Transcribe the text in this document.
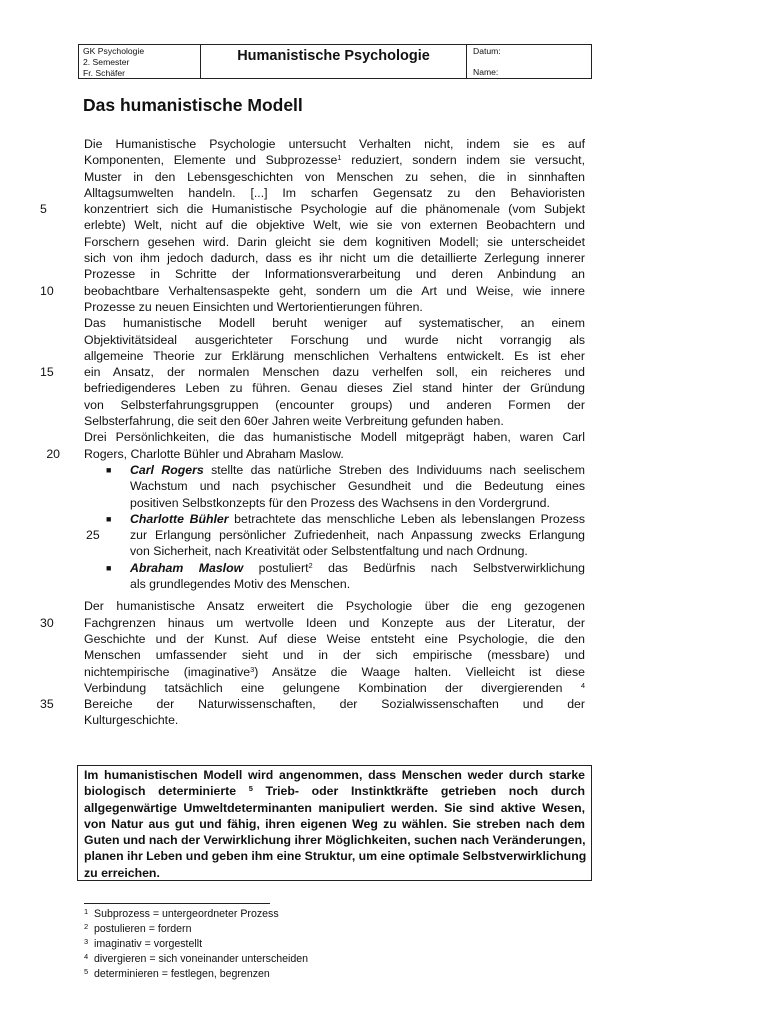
GK Psychologie
2. Semester
Fr. Schäfer
Humanistische Psychologie	Datum:
Name:
Das humanistische Modell
Die Humanistische Psychologie untersucht Verhalten nicht, indem sie es auf
Komponenten, Elemente und Subprozesse$^1$ reduziert, sondern indem sie versucht,
Muster in den Lebensgeschichten von Menschen zu sehen, die in sinnhaften
Alltagsumwelten handeln. [...] Im scharfen Gegensatz zu den Behavioristen
5	konzentriert sich die Humanistische Psychologie auf die phänomenale (vom Subjekt
erlebte) Welt, nicht auf die objektive Welt, wie sie von externen Beobachtern und
Forschern gesehen wird. Darin gleicht sie dem kognitiven Modell; sie unterscheidet
sich von ihm jedoch dadurch, dass es ihr nicht um die detaillierte Zerlegung innerer
Prozesse in Schritte der Informationsverarbeitung und deren Anbindung an
10	beobachtbare Verhaltensaspekte geht, sondern um die Art und Weise, wie innere
Prozesse zu neuen Einsichten und Wertorientierungen führen.
Das humanistische Modell beruht weniger auf systematischer, an einem
Objektivitätsideal ausgerichteter Forschung und wurde nicht vorrangig als
allgemeine Theorie zur Erklärung menschlichen Verhaltens entwickelt. Es ist eher
15	ein Ansatz, der normalen Menschen dazu verhelfen soll, ein reicheres und
befriedigenderes Leben zu führen. Genau dieses Ziel stand hinter der Gründung
von Selbsterfahrungsgruppen (encounter groups) und anderen Formen der
Selbsterfahrung, die seit den 60er Jahren weite Verbreitung gefunden haben.
Drei Persönlichkeiten, die das humanistische Modell mitgeprägt haben, waren Carl
20 Rogers, Charlotte Bühler und Abraham Maslow.
■ Carl Rogers stellte das natürliche Streben des Individuums nach seelischem
Wachstum und nach psychischer Gesundheit und die Bedeutung eines
positiven Selbstkonzepts für den Prozess des Wachsens in den Vordergrund.
■ Charlotte Bühler betrachtete das menschliche Leben als lebenslangen Prozess
25	zur Erlangung persönlicher Zufriedenheit, nach Anpassung zwecks Erlangung
von Sicherheit, nach Kreativität oder Selbstentfaltung und nach Ordnung.
■ Abraham Maslow postuliert$^2$ das Bedürfnis nach Selbstverwirklichung
als grundlegendes Motiv des Menschen.
Der humanistische Ansatz erweitert die Psychologie über die eng gezogenen
30	Fachgrenzen hinaus um wertvolle Ideen und Konzepte aus der Literatur, der
Geschichte und der Kunst. Auf diese Weise entsteht eine Psychologie, die den
Menschen umfassender sieht und in der sich empirische (messbare) und
nichtempirische (imaginative$^3$) Ansätze die Waage halten. Vielleicht ist diese
Verbindung tatsächlich eine gelungene Kombination der divergierenden $^4$
35	Bereiche der Naturwissenschaften, der Sozialwissenschaften und der
Kulturgeschichte.
Im humanistischen Modell wird angenommen, dass Menschen weder durch starke
biologisch determinierte $^5$ Trieb- oder Instinktkräfte getrieben noch durch
allgegenwärtige Umweltdeterminanten manipuliert werden. Sie sind aktive Wesen,
von Natur aus gut und fähig, ihren eigenen Weg zu wählen. Sie streben nach dem
Guten und nach der Verwirklichung ihrer Möglichkeiten, suchen nach Veränderungen,
planen ihr Leben und geben ihm eine Struktur, um eine optimale Selbstverwirklichung
zu erreichen.
1 Subprozess = untergeordneter Prozess
2 postulieren = fordern
3 imaginativ = vorgestellt
4 divergieren = sich voneinander unterscheiden
5 determinieren = festlegen, begrenzen
